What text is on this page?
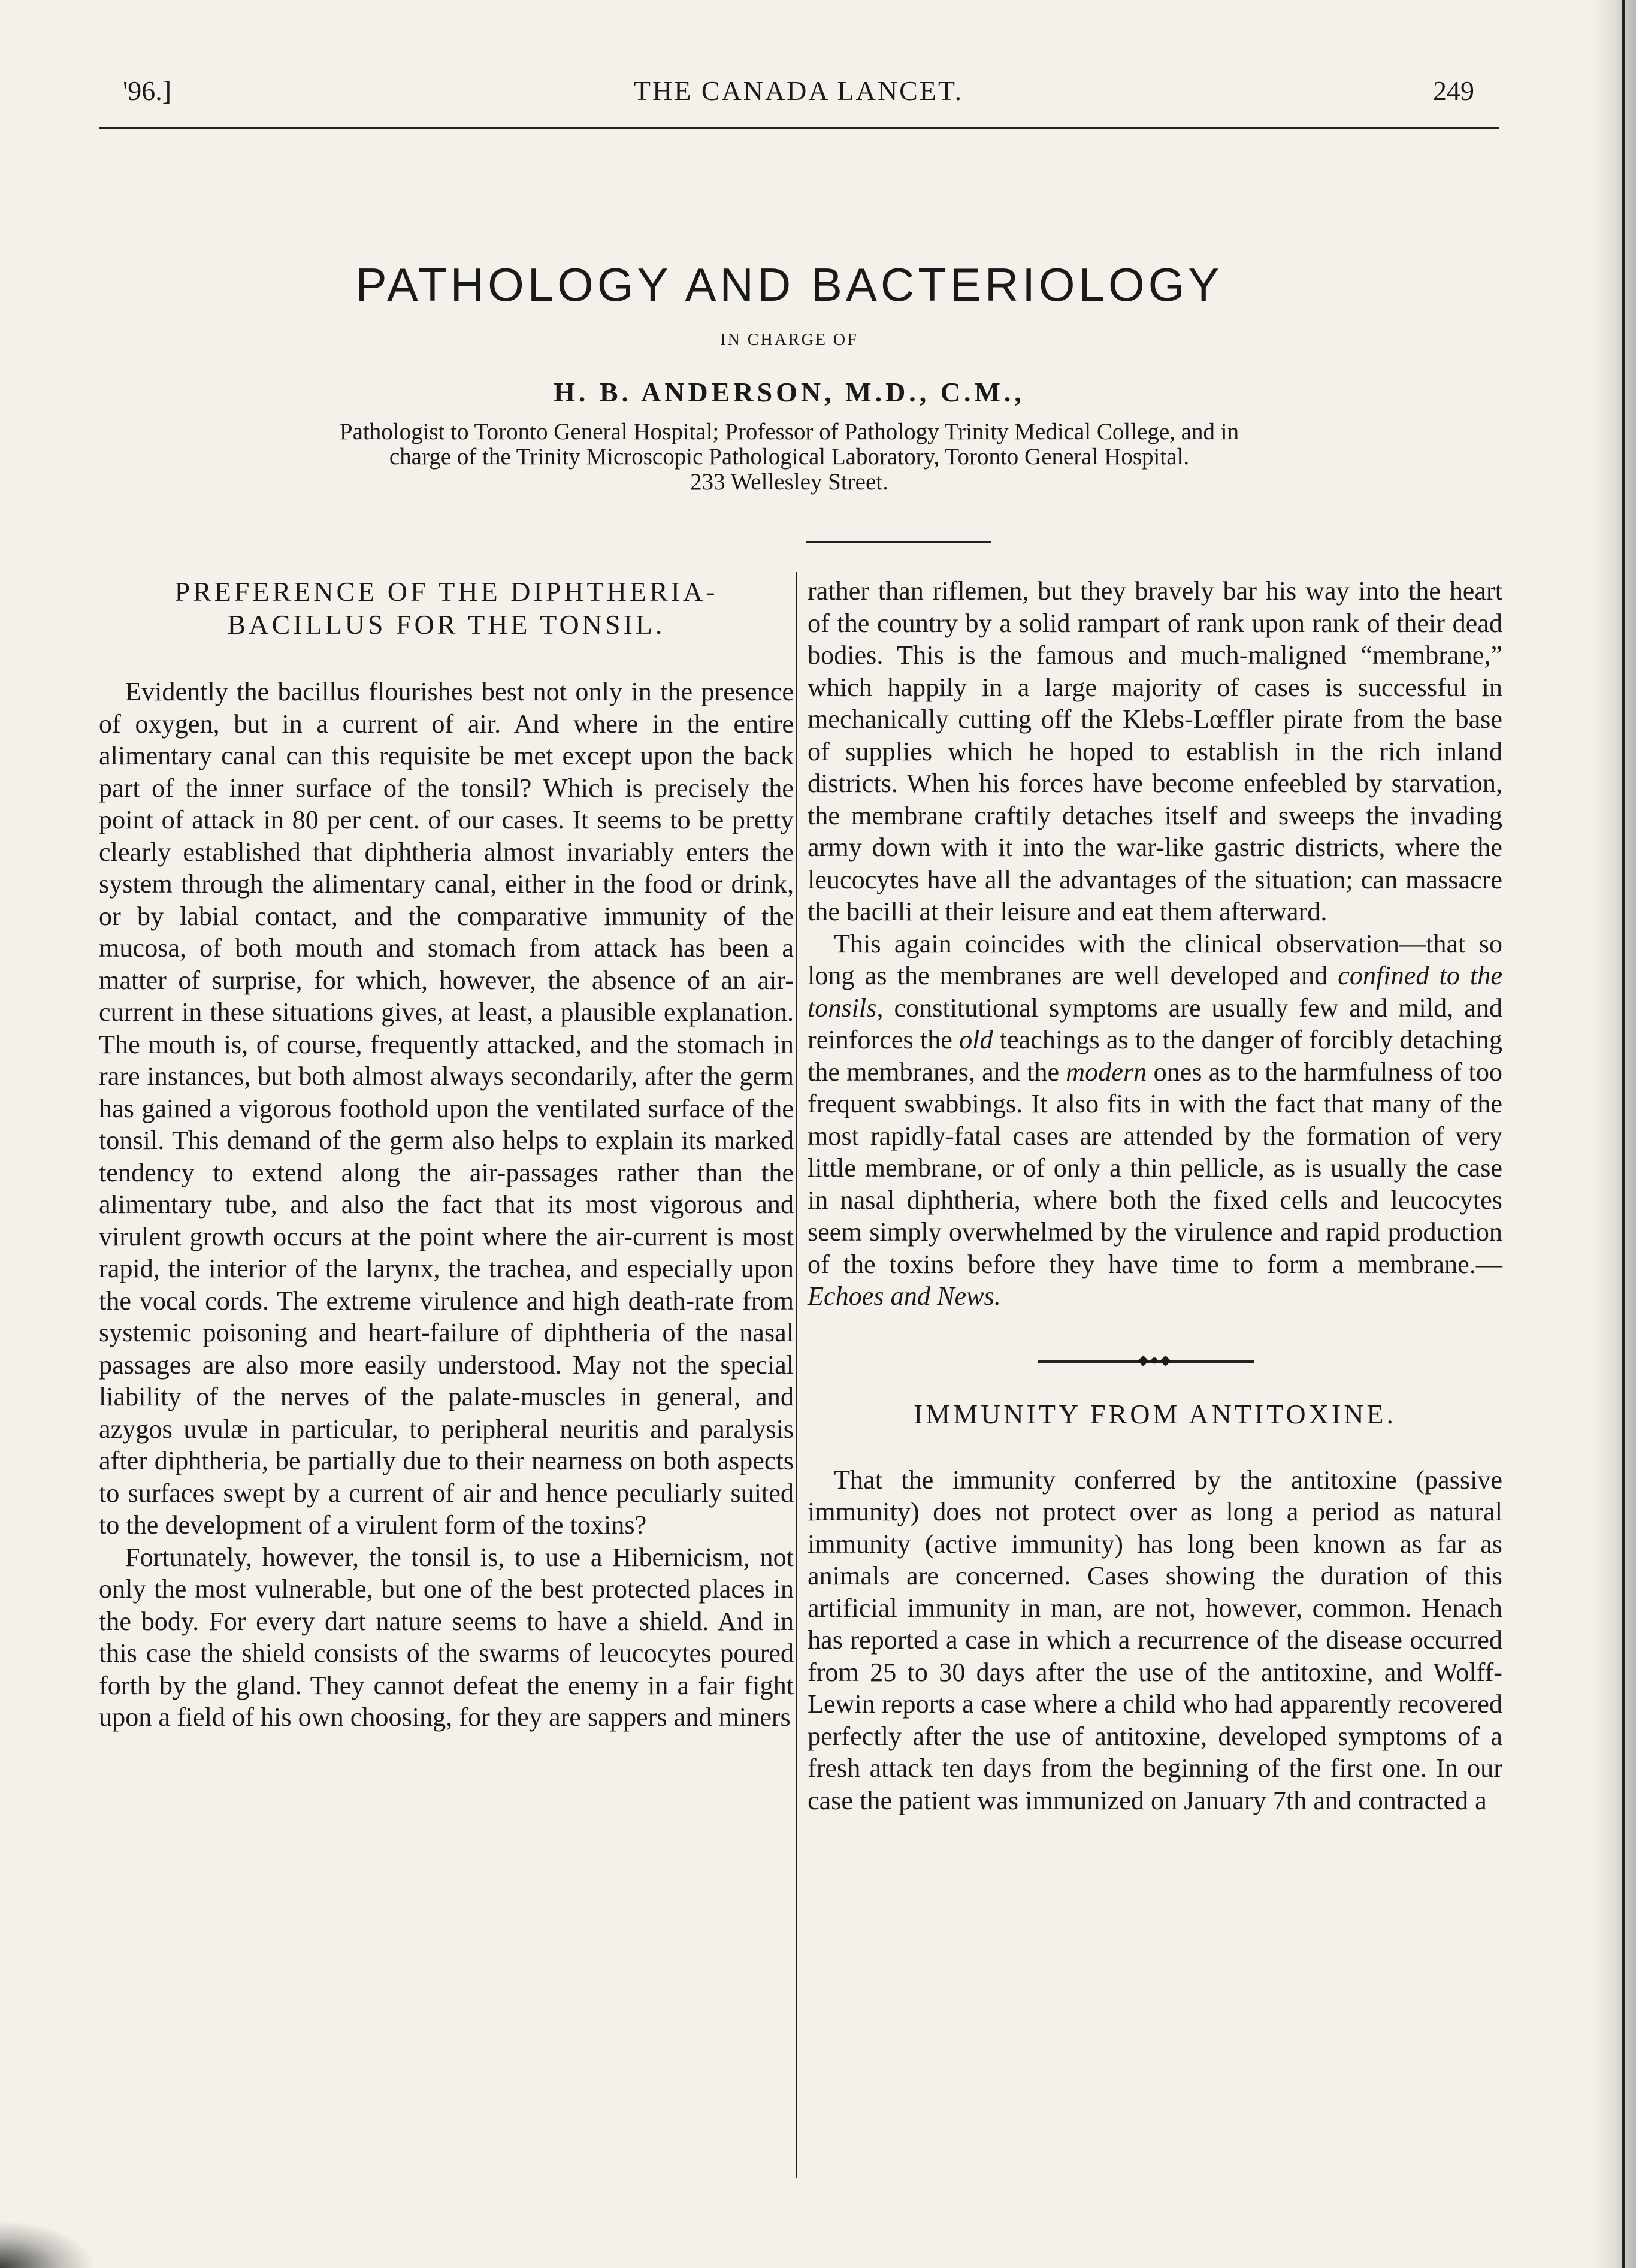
'96.]	THE CANADA LANCET.	249
PATHOLOGY AND BACTERIOLOGY
IN CHARGE OF
H. B. ANDERSON, M.D., C.M.,
Pathologist to Toronto General Hospital; Professor of Pathology Trinity Medical College, and in
charge of the Trinity Microscopic Pathological Laboratory, Toronto General Hospital.
233 Wellesley Street.
PREFERENCE OF THE DIPHTHERIA-
BACILLUS FOR THE TONSIL.

Evidently the bacillus flourishes best not only in the presence of oxygen, but in a current of air. And where in the entire alimentary canal can this requisite be met except upon the back part of the inner surface of the tonsil? Which is precisely the point of attack in 80 per cent. of our cases. It seems to be pretty clearly established that diphtheria almost invariably enters the system through the alimentary canal, either in the food or drink, or by labial contact, and the comparative immunity of the mucosa, of both mouth and stomach from attack has been a matter of surprise, for which, however, the absence of an air-current in these situations gives, at least, a plausible explanation. The mouth is, of course, frequently attacked, and the stomach in rare instances, but both almost always secondarily, after the germ has gained a vigorous foothold upon the ventilated surface of the tonsil. This demand of the germ also helps to explain its marked tendency to extend along the air-passages rather than the alimentary tube, and also the fact that its most vigorous and virulent growth occurs at the point where the air-current is most rapid, the interior of the larynx, the trachea, and especially upon the vocal cords. The extreme virulence and high death-rate from systemic poisoning and heart-failure of diphtheria of the nasal passages are also more easily understood. May not the special liability of the nerves of the palate-muscles in general, and azygos uvulæ in particular, to peripheral neuritis and paralysis after diphtheria, be partially due to their nearness on both aspects to surfaces swept by a current of air and hence peculiarly suited to the development of a virulent form of the toxins?

Fortunately, however, the tonsil is, to use a Hibernicism, not only the most vulnerable, but one of the best protected places in the body. For every dart nature seems to have a shield. And in this case the shield consists of the swarms of leucocytes poured forth by the gland. They cannot defeat the enemy in a fair fight upon a field of his own choosing, for they are sappers and miners

rather than riflemen, but they bravely bar his way into the heart of the country by a solid rampart of rank upon rank of their dead bodies. This is the famous and much-maligned “membrane,” which happily in a large majority of cases is successful in mechanically cutting off the Klebs-Lœffler pirate from the base of supplies which he hoped to establish in the rich inland districts. When his forces have become enfeebled by starvation, the membrane craftily detaches itself and sweeps the invading army down with it into the war-like gastric districts, where the leucocytes have all the advantages of the situation; can massacre the bacilli at their leisure and eat them afterward.

This again coincides with the clinical observation—that so long as the membranes are well developed and confined to the tonsils, constitutional symptoms are usually few and mild, and reinforces the old teachings as to the danger of forcibly detaching the membranes, and the modern ones as to the harmfulness of too frequent swabbings. It also fits in with the fact that many of the most rapidly-fatal cases are attended by the formation of very little membrane, or of only a thin pellicle, as is usually the case in nasal diphtheria, where both the fixed cells and leucocytes seem simply overwhelmed by the virulence and rapid production of the toxins before they have time to form a membrane.—Echoes and News.

◆●◆
IMMUNITY FROM ANTITOXINE.

That the immunity conferred by the antitoxine (passive immunity) does not protect over as long a period as natural immunity (active immunity) has long been known as far as animals are concerned. Cases showing the duration of this artificial immunity in man, are not, however, common. Henach has reported a case in which a recurrence of the disease occurred from 25 to 30 days after the use of the antitoxine, and Wolff-Lewin reports a case where a child who had apparently recovered perfectly after the use of antitoxine, developed symptoms of a fresh attack ten days from the beginning of the first one. In our case the patient was immunized on January 7th and contracted a
